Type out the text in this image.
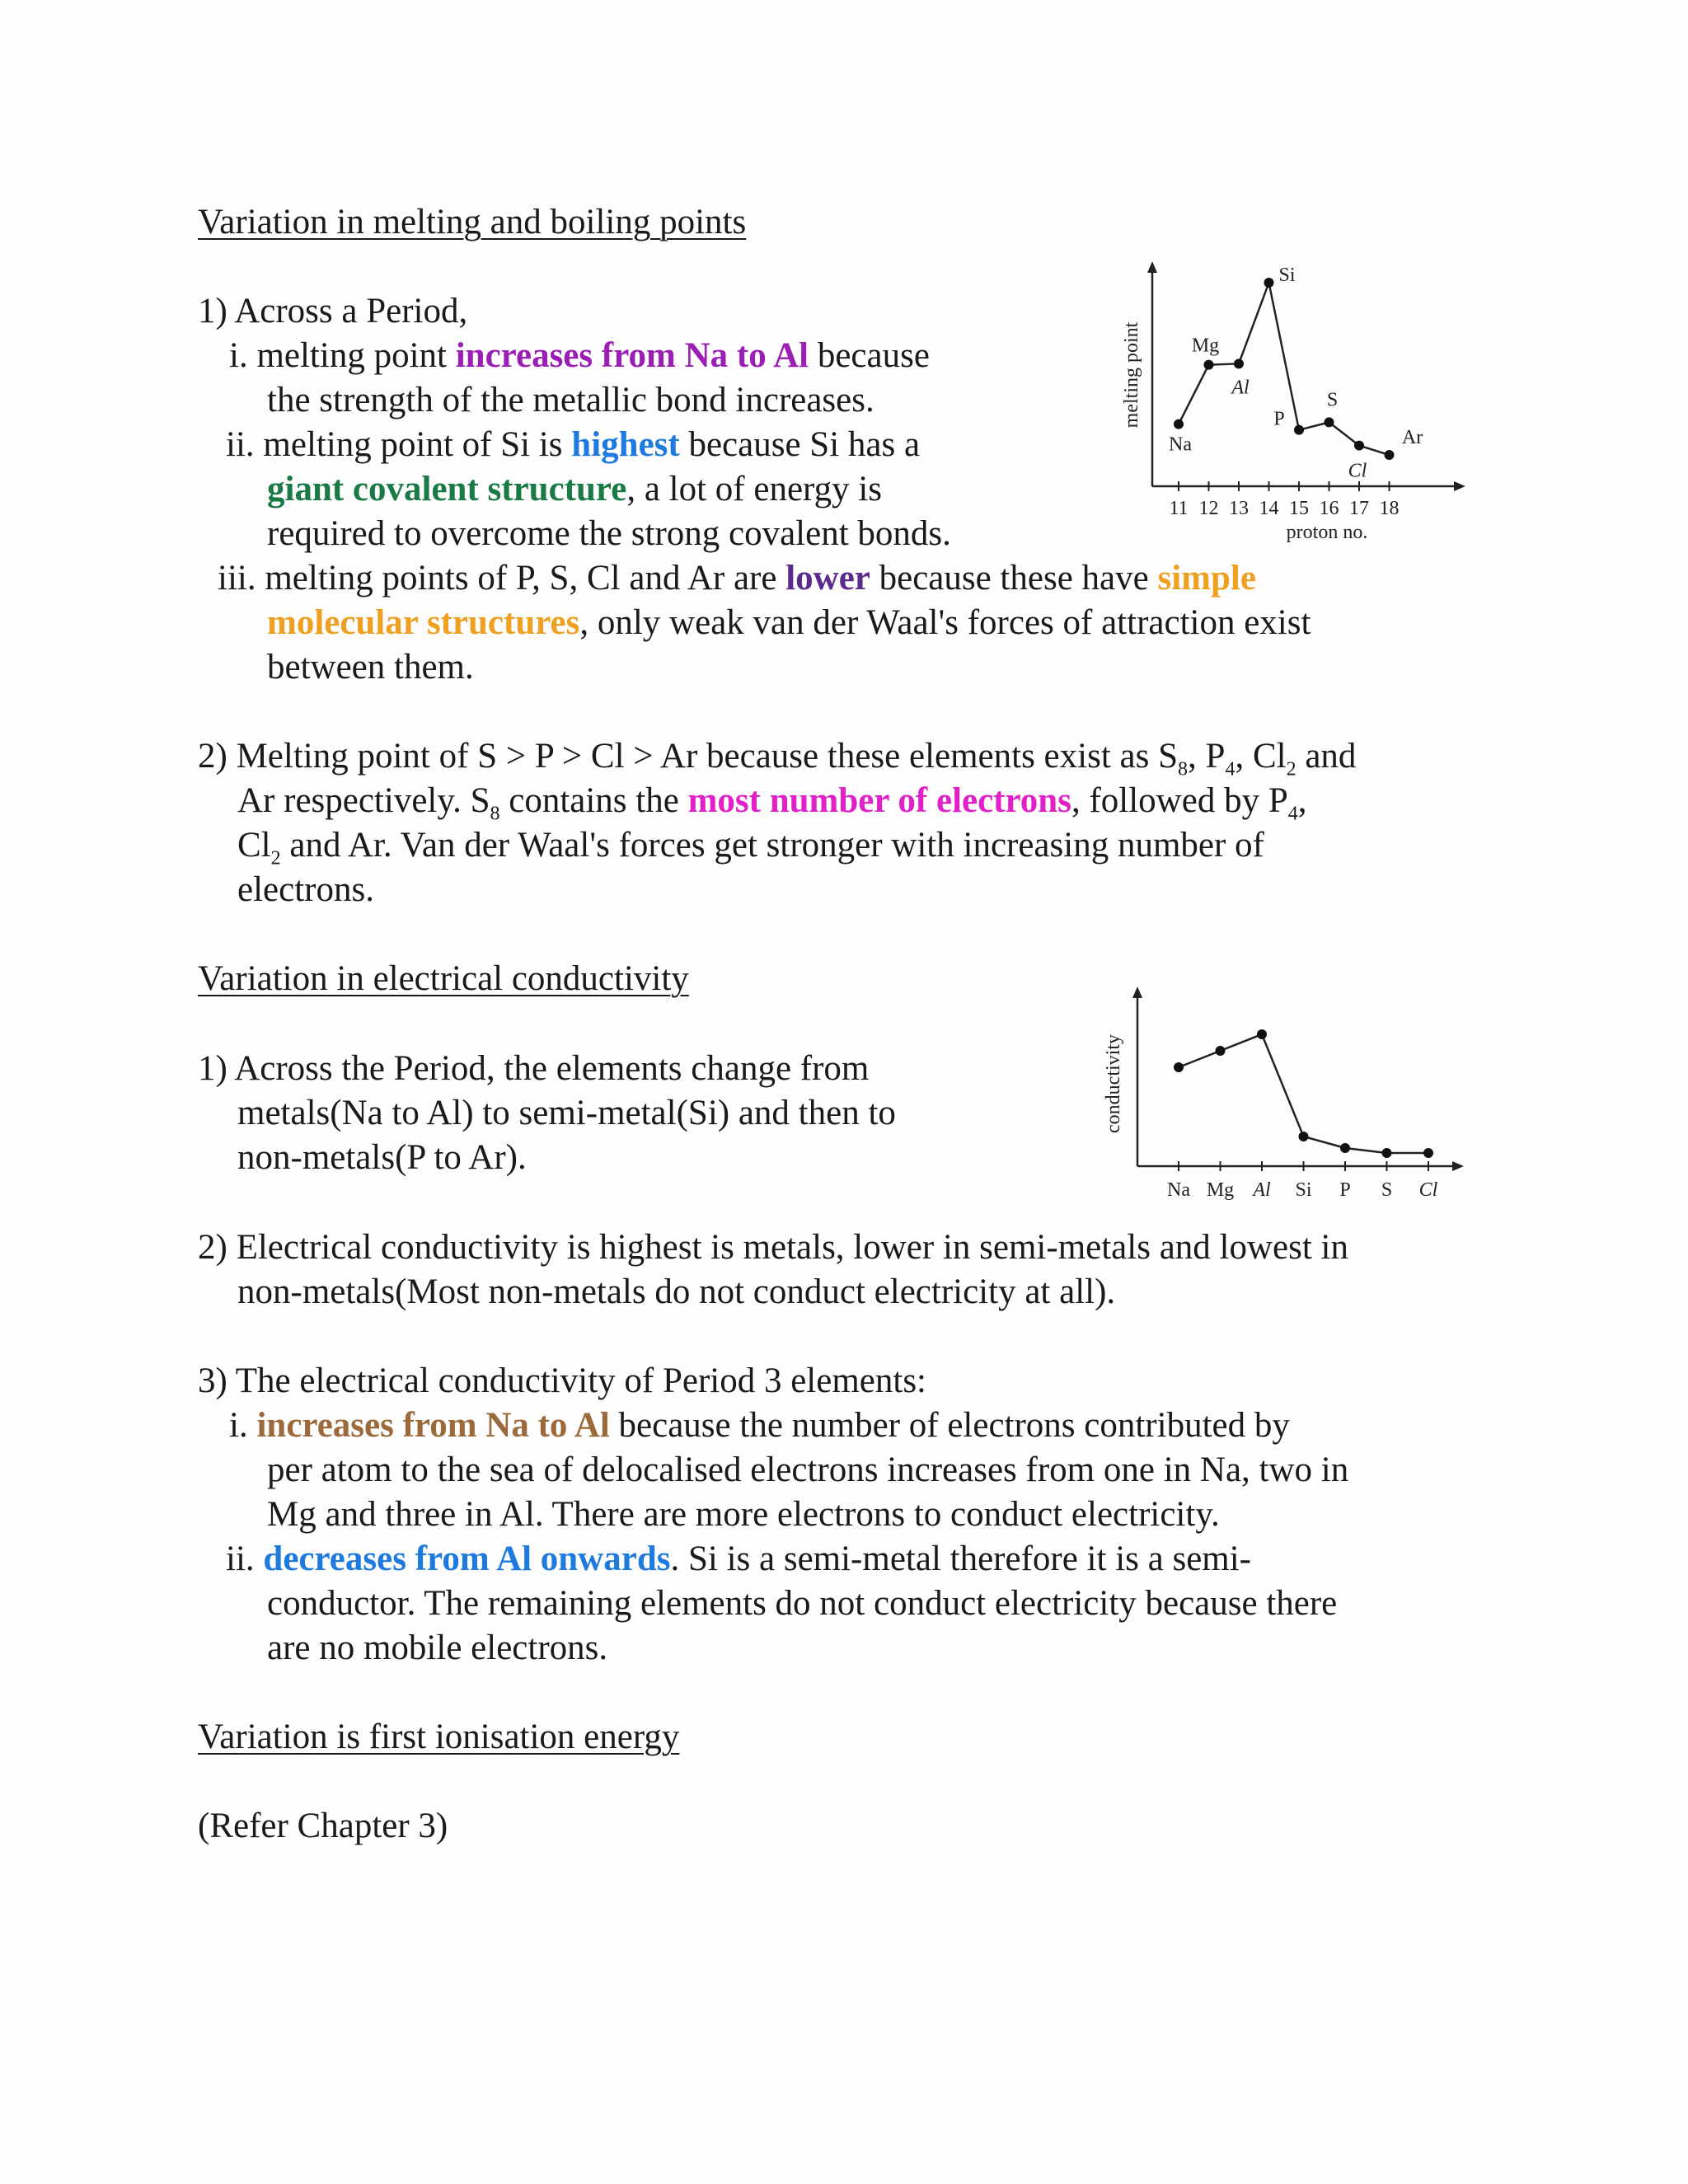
Variation in melting and boiling points

1) Across a Period,

i. melting point increases from Na to Al because

the strength of the metallic bond increases.

ii. melting point of Si is highest because Si has a
giant covalent structure, a lot of energy is

required to overcome the strong covalent bonds.

iii. melting points of P, S, Cl and Ar are lower because these have simple
molecular structures, only weak van der Waal's forces of attraction exist

between them.

2) Melting point of S > P > Cl > Ar because these elements exist as $S_8$, $P_4$, $Cl_2$ and
Ar respectively. $S_8$ contains the most number of electrons, followed by $P_4$,
$Cl_2$ and Ar. Van der Waal's forces get stronger with increasing number of

electrons.

melting point
proton no.
11 12 13 14 15 16 17 18
Na
Mg
Al
Si
P
S
Cl
Ar

Variation in electrical conductivity

1) Across the Period, the elements change from

metals(Na to Al) to semi-metal(Si) and then to

non-metals(P to Ar).

conductivity
Na Mg Al Si P S Cl

2) Electrical conductivity is highest is metals, lower in semi-metals and lowest in

non-metals(Most non-metals do not conduct electricity at all).

3) The electrical conductivity of Period 3 elements:

i. increases from Na to Al because the number of electrons contributed by

per atom to the sea of delocalised electrons increases from one in Na, two in

Mg and three in Al. There are more electrons to conduct electricity.

ii. decreases from Al onwards. Si is a semi-metal therefore it is a semi-

conductor. The remaining elements do not conduct electricity because there

are no mobile electrons.

Variation is first ionisation energy

(Refer Chapter 3)
